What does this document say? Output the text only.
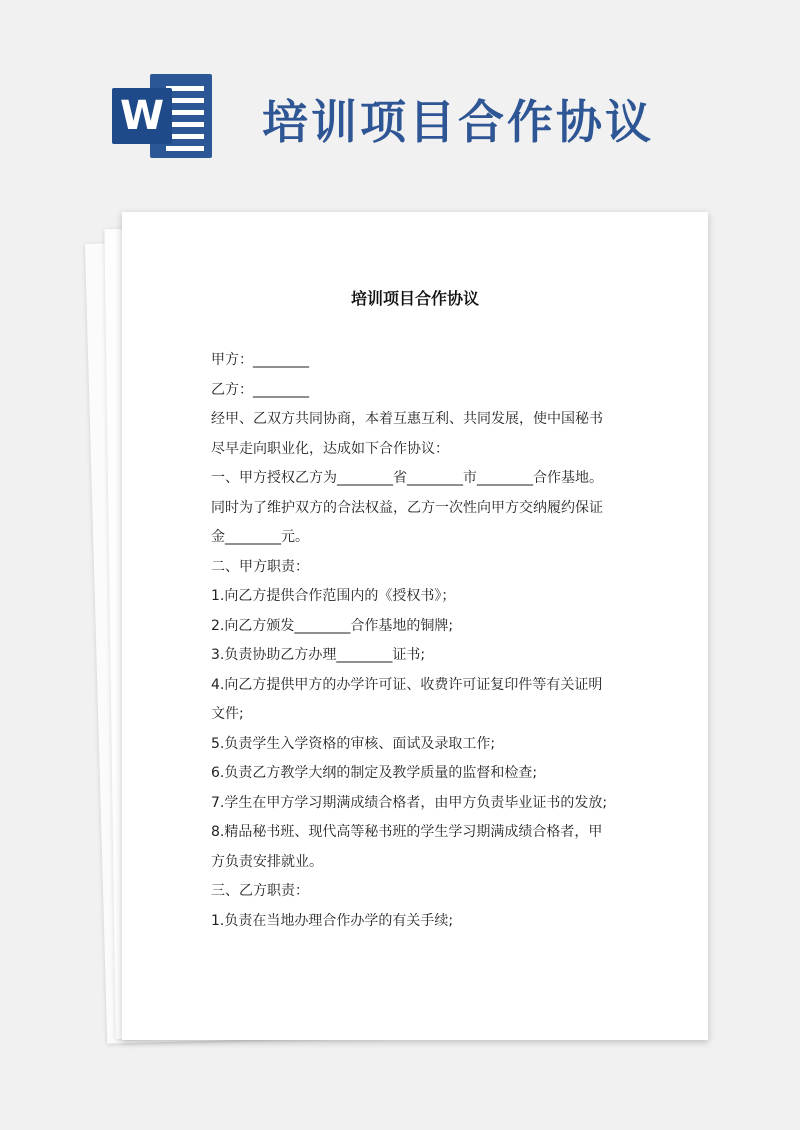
W 培训项目合作协议
培训项目合作协议
甲方：________
乙方：________
经甲、乙双方共同协商，本着互惠互利、共同发展，使中国秘书
尽早走向职业化，达成如下合作协议：
一、甲方授权乙方为________省________市________合作基地。
同时为了维护双方的合法权益，乙方一次性向甲方交纳履约保证
金________元。
二、甲方职责：
1.向乙方提供合作范围内的《授权书》；
2.向乙方颁发________合作基地的铜牌;
3.负责协助乙方办理________证书;
4.向乙方提供甲方的办学许可证、收费许可证复印件等有关证明
文件;
5.负责学生入学资格的审核、面试及录取工作;
6.负责乙方教学大纲的制定及教学质量的监督和检查;
7.学生在甲方学习期满成绩合格者，由甲方负责毕业证书的发放;
8.精品秘书班、现代高等秘书班的学生学习期满成绩合格者，甲
方负责安排就业。
三、乙方职责：
1.负责在当地办理合作办学的有关手续;
